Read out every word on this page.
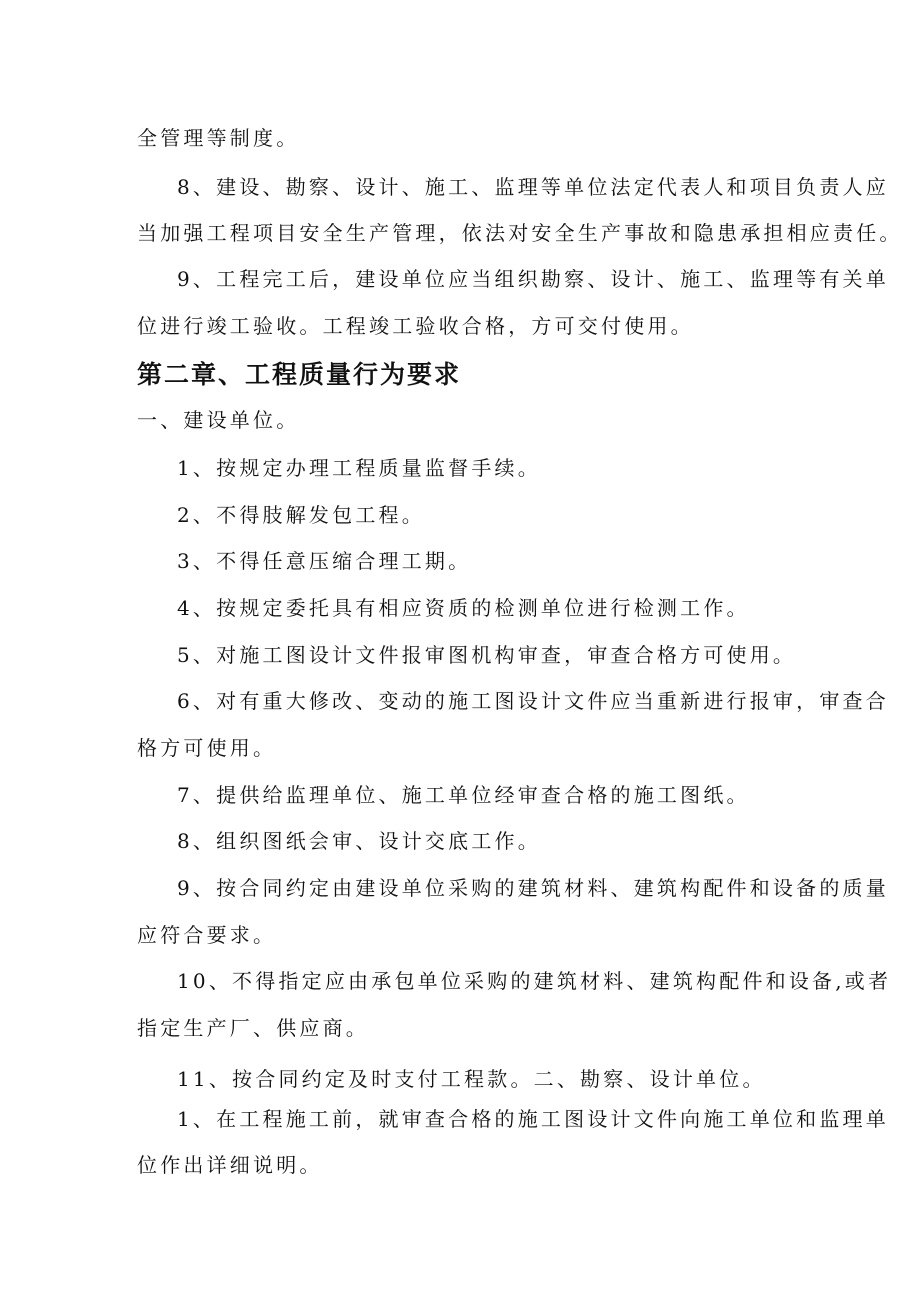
全管理等制度。
8、建设、勘察、设计、施工、监理等单位法定代表人和项目负责人应
当加强工程项目安全生产管理，依法对安全生产事故和隐患承担相应责任。
9、工程完工后，建设单位应当组织勘察、设计、施工、监理等有关单
位进行竣工验收。工程竣工验收合格，方可交付使用。
第二章、工程质量行为要求
一、建设单位。
1、按规定办理工程质量监督手续。
2、不得肢解发包工程。
3、不得任意压缩合理工期。
4、按规定委托具有相应资质的检测单位进行检测工作。
5、对施工图设计文件报审图机构审查，审查合格方可使用。
6、对有重大修改、变动的施工图设计文件应当重新进行报审，审查合
格方可使用。
7、提供给监理单位、施工单位经审查合格的施工图纸。
8、组织图纸会审、设计交底工作。
9、按合同约定由建设单位采购的建筑材料、建筑构配件和设备的质量
应符合要求。
10、不得指定应由承包单位采购的建筑材料、建筑构配件和设备,或者
指定生产厂、供应商。
11、按合同约定及时支付工程款。二、勘察、设计单位。
1、在工程施工前，就审查合格的施工图设计文件向施工单位和监理单
位作出详细说明。
